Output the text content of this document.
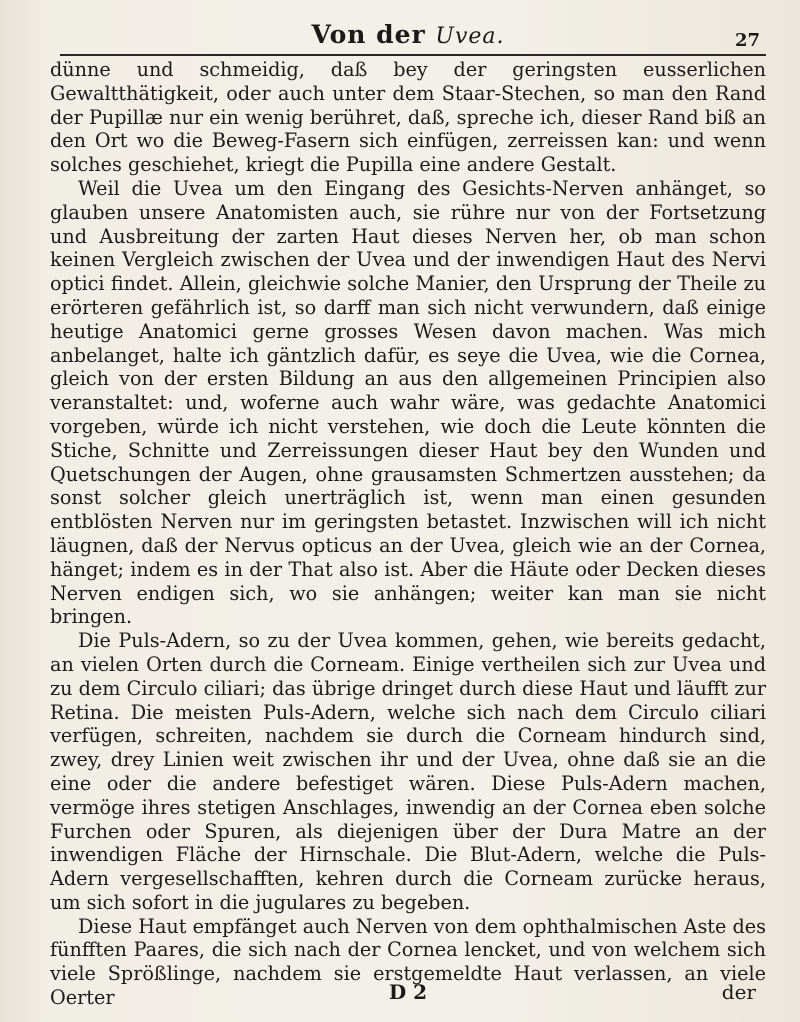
Von der Uvea.	27

dünne und schmeidig, daß bey der geringsten eusserlichen Gewaltthätigkeit, oder auch unter dem Staar-Stechen, so man den Rand der Pupillæ nur ein wenig berühret, daß, spreche ich, dieser Rand biß an den Ort wo die Beweg-Fasern sich einfügen, zerreissen kan: und wenn solches geschiehet, kriegt die Pupilla eine andere Gestalt.

Weil die Uvea um den Eingang des Gesichts-Nerven anhänget, so glauben unsere Anatomisten auch, sie rühre nur von der Fortsetzung und Ausbreitung der zarten Haut dieses Nerven her, ob man schon keinen Vergleich zwischen der Uvea und der inwendigen Haut des Nervi optici findet. Allein, gleichwie solche Manier, den Ursprung der Theile zu erörteren gefährlich ist, so darff man sich nicht verwundern, daß einige heutige Anatomici gerne grosses Wesen davon machen. Was mich anbelanget, halte ich gäntzlich dafür, es seye die Uvea, wie die Cornea, gleich von der ersten Bildung an aus den allgemeinen Principien also veranstaltet: und, woferne auch wahr wäre, was gedachte Anatomici vorgeben, würde ich nicht verstehen, wie doch die Leute könnten die Stiche, Schnitte und Zerreissungen dieser Haut bey den Wunden und Quetschungen der Augen, ohne grausamsten Schmertzen ausstehen; da sonst solcher gleich unerträglich ist, wenn man einen gesunden entblösten Nerven nur im geringsten betastet. Inzwischen will ich nicht läugnen, daß der Nervus opticus an der Uvea, gleich wie an der Cornea, hänget; indem es in der That also ist. Aber die Häute oder Decken dieses Nerven endigen sich, wo sie anhängen; weiter kan man sie nicht bringen.

Die Puls-Adern, so zu der Uvea kommen, gehen, wie bereits gedacht, an vielen Orten durch die Corneam. Einige vertheilen sich zur Uvea und zu dem Circulo ciliari; das übrige dringet durch diese Haut und läufft zur Retina. Die meisten Puls-Adern, welche sich nach dem Circulo ciliari verfügen, schreiten, nachdem sie durch die Corneam hindurch sind, zwey, drey Linien weit zwischen ihr und der Uvea, ohne daß sie an die eine oder die andere befestiget wären. Diese Puls-Adern machen, vermöge ihres stetigen Anschlages, inwendig an der Cornea eben solche Furchen oder Spuren, als diejenigen über der Dura Matre an der inwendigen Fläche der Hirnschale. Die Blut-Adern, welche die Puls-Adern vergesellschafften, kehren durch die Corneam zurücke heraus, um sich sofort in die jugulares zu begeben.

Diese Haut empfänget auch Nerven von dem ophthalmischen Aste des fünfften Paares, die sich nach der Cornea lencket, und von welchem sich viele Sprößlinge, nachdem sie erstgemeldte Haut verlassen, an viele Oerter	D 2	der
